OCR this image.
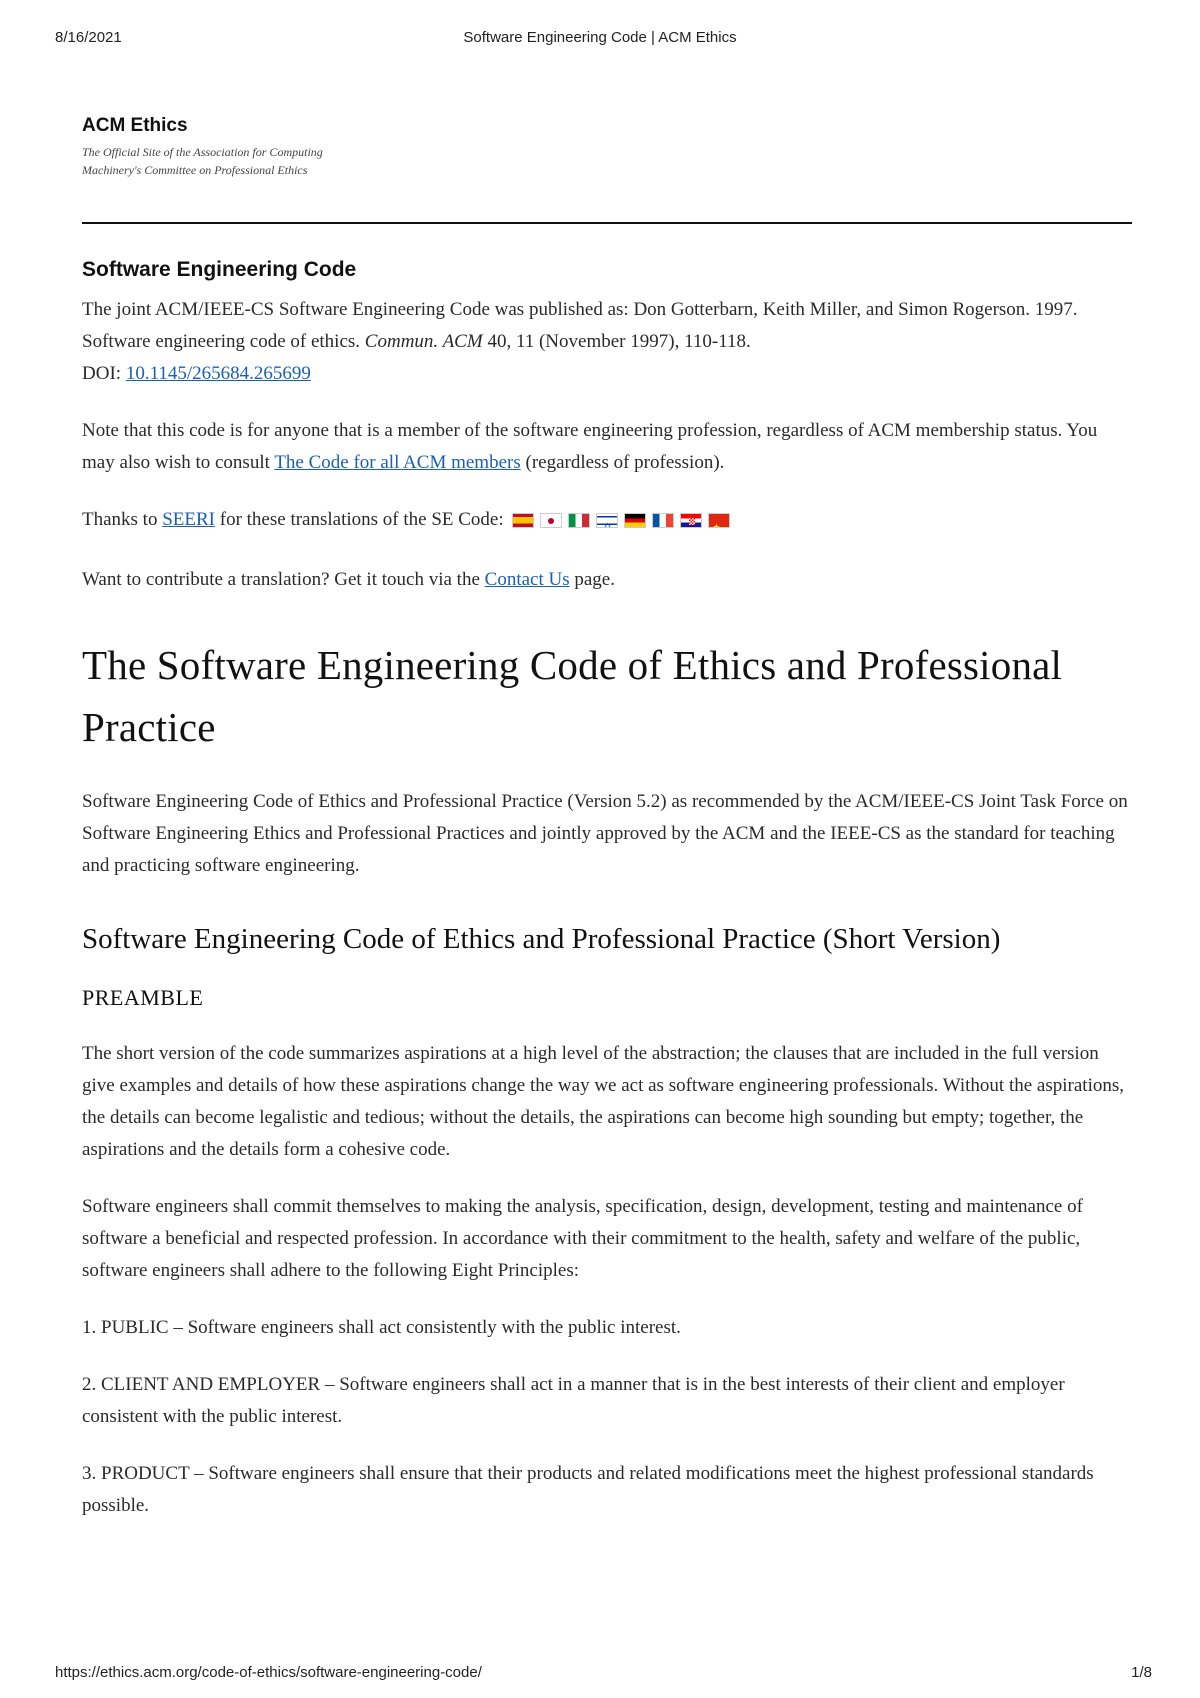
8/16/2021	Software Engineering Code | ACM Ethics
ACM Ethics

The Official Site of the Association for Computing Machinery's Committee on Professional Ethics

Software Engineering Code

The joint ACM/IEEE-CS Software Engineering Code was published as: Don Gotterbarn, Keith Miller, and Simon Rogerson. 1997. Software engineering code of ethics. Commun. ACM 40, 11 (November 1997), 110-118.
DOI: 10.1145/265684.265699

Note that this code is for anyone that is a member of the software engineering profession, regardless of ACM membership status. You may also wish to consult The Code for all ACM members (regardless of profession).

Thanks to SEERI for these translations of the SE Code: ✡★

Want to contribute a translation? Get it touch via the Contact Us page.

The Software Engineering Code of Ethics and Professional Practice

Software Engineering Code of Ethics and Professional Practice (Version 5.2) as recommended by the ACM/IEEE-CS Joint Task Force on Software Engineering Ethics and Professional Practices and jointly approved by the ACM and the IEEE-CS as the standard for teaching and practicing software engineering.

Software Engineering Code of Ethics and Professional Practice (Short Version)
PREAMBLE

The short version of the code summarizes aspirations at a high level of the abstraction; the clauses that are included in the full version give examples and details of how these aspirations change the way we act as software engineering professionals. Without the aspirations, the details can become legalistic and tedious; without the details, the aspirations can become high sounding but empty; together, the aspirations and the details form a cohesive code.

Software engineers shall commit themselves to making the analysis, specification, design, development, testing and maintenance of software a beneficial and respected profession. In accordance with their commitment to the health, safety and welfare of the public, software engineers shall adhere to the following Eight Principles:

1. PUBLIC – Software engineers shall act consistently with the public interest.

2. CLIENT AND EMPLOYER – Software engineers shall act in a manner that is in the best interests of their client and employer consistent with the public interest.

3. PRODUCT – Software engineers shall ensure that their products and related modifications meet the highest professional standards possible.

https://ethics.acm.org/code-of-ethics/software-engineering-code/	1/8
